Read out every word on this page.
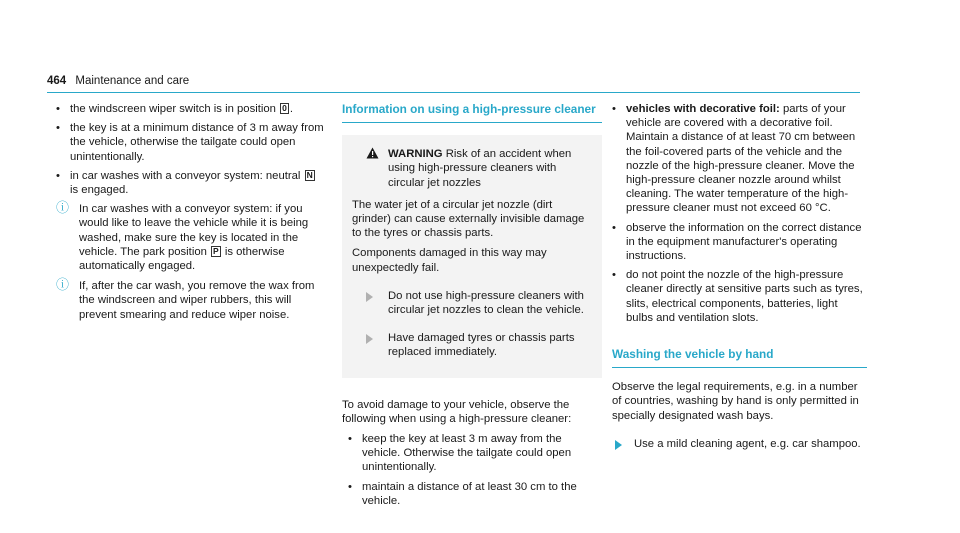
464 Maintenance and care
• the windscreen wiper switch is in position 0 .
• the key is at a minimum distance of 3 m away from the vehicle, otherwise the tailgate could open unintentionally.
• in car washes with a conveyor system: neutral N is engaged.
ⓘ In car washes with a conveyor system: if you would like to leave the vehicle while it is being washed, make sure the key is located in the vehicle. The park position P is otherwise automatically engaged.
ⓘ If, after the car wash, you remove the wax from the windscreen and wiper rubbers, this will prevent smearing and reduce wiper noise.
Information on using a high-pressure cleaner
WARNING Risk of an accident when using high-pressure cleaners with circular jet nozzles
The water jet of a circular jet nozzle (dirt grinder) can cause externally invisible damage to the tyres or chassis parts.
Components damaged in this way may unexpectedly fail.
Do not use high-pressure cleaners with circular jet nozzles to clean the vehicle.
Have damaged tyres or chassis parts replaced immediately.
To avoid damage to your vehicle, observe the following when using a high-pressure cleaner:
• keep the key at least 3 m away from the vehicle. Otherwise the tailgate could open unintentionally.
• maintain a distance of at least 30 cm to the vehicle.
• vehicles with decorative foil: parts of your vehicle are covered with a decorative foil. Maintain a distance of at least 70 cm between the foil-covered parts of the vehicle and the nozzle of the high-pressure cleaner. Move the high-pressure cleaner nozzle around whilst cleaning. The water temperature of the high-pressure cleaner must not exceed 60 °C.
• observe the information on the correct distance in the equipment manufacturer's operating instructions.
• do not point the nozzle of the high-pressure cleaner directly at sensitive parts such as tyres, slits, electrical components, batteries, light bulbs and ventilation slots.
Washing the vehicle by hand
Observe the legal requirements, e.g. in a number of countries, washing by hand is only permitted in specially designated wash bays.
Use a mild cleaning agent, e.g. car shampoo.
